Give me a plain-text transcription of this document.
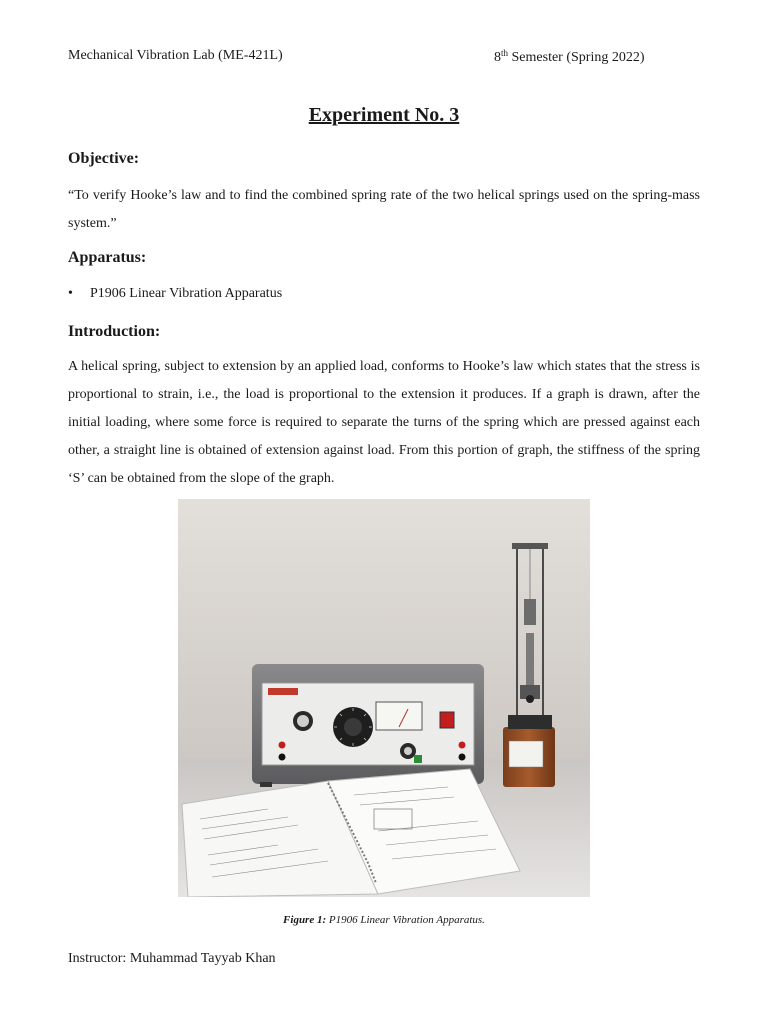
Mechanical Vibration Lab (ME-421L)	8th Semester (Spring 2022)
Experiment No. 3
Objective:
“To verify Hooke’s law and to find the combined spring rate of the two helical springs used on the spring-mass system.”
Apparatus:
•	P1906 Linear Vibration Apparatus
Introduction:
A helical spring, subject to extension by an applied load, conforms to Hooke’s law which states that the stress is proportional to strain, i.e., the load is proportional to the extension it produces. If a graph is drawn, after the initial loading, where some force is required to separate the turns of the spring which are pressed against each other, a straight line is obtained of extension against load. From this portion of graph, the stiffness of the spring ‘S’ can be obtained from the slope of the graph.
Figure 1: P1906 Linear Vibration Apparatus.
Instructor: Muhammad Tayyab Khan
